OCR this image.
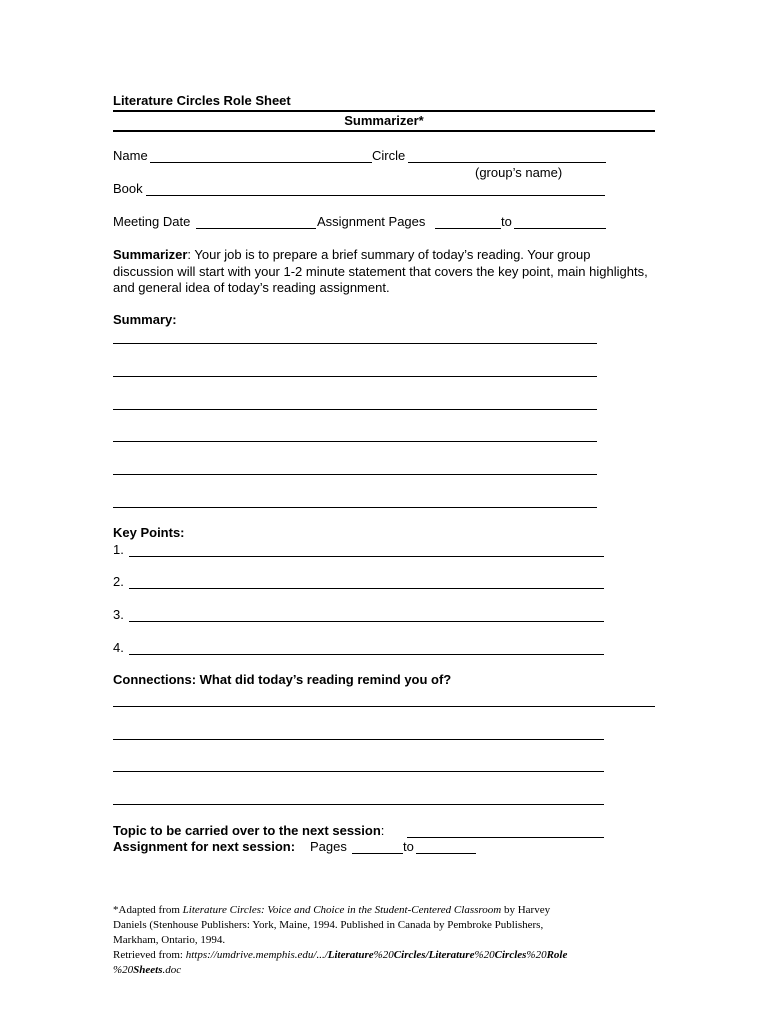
Literature Circles Role Sheet
Summarizer*
Name	Circle
(group’s name)
Book
Meeting Date	Assignment Pages	to
Summarizer: Your job is to prepare a brief summary of today’s reading. Your group discussion will start with your 1-2 minute statement that covers the key point, main highlights, and general idea of today’s reading assignment.
Summary:
Key Points:
1.
2.
3.
4.
Connections: What did today’s reading remind you of?
Topic to be carried over to the next session:
Assignment for next session: Pages	to
*Adapted from Literature Circles: Voice and Choice in the Student-Centered Classroom by Harvey
Daniels (Stenhouse Publishers: York, Maine, 1994. Published in Canada by Pembroke Publishers,
Markham, Ontario, 1994.
Retrieved from: https://umdrive.memphis.edu/.../Literature%20Circles/Literature%20Circles%20Role
%20Sheets.doc
